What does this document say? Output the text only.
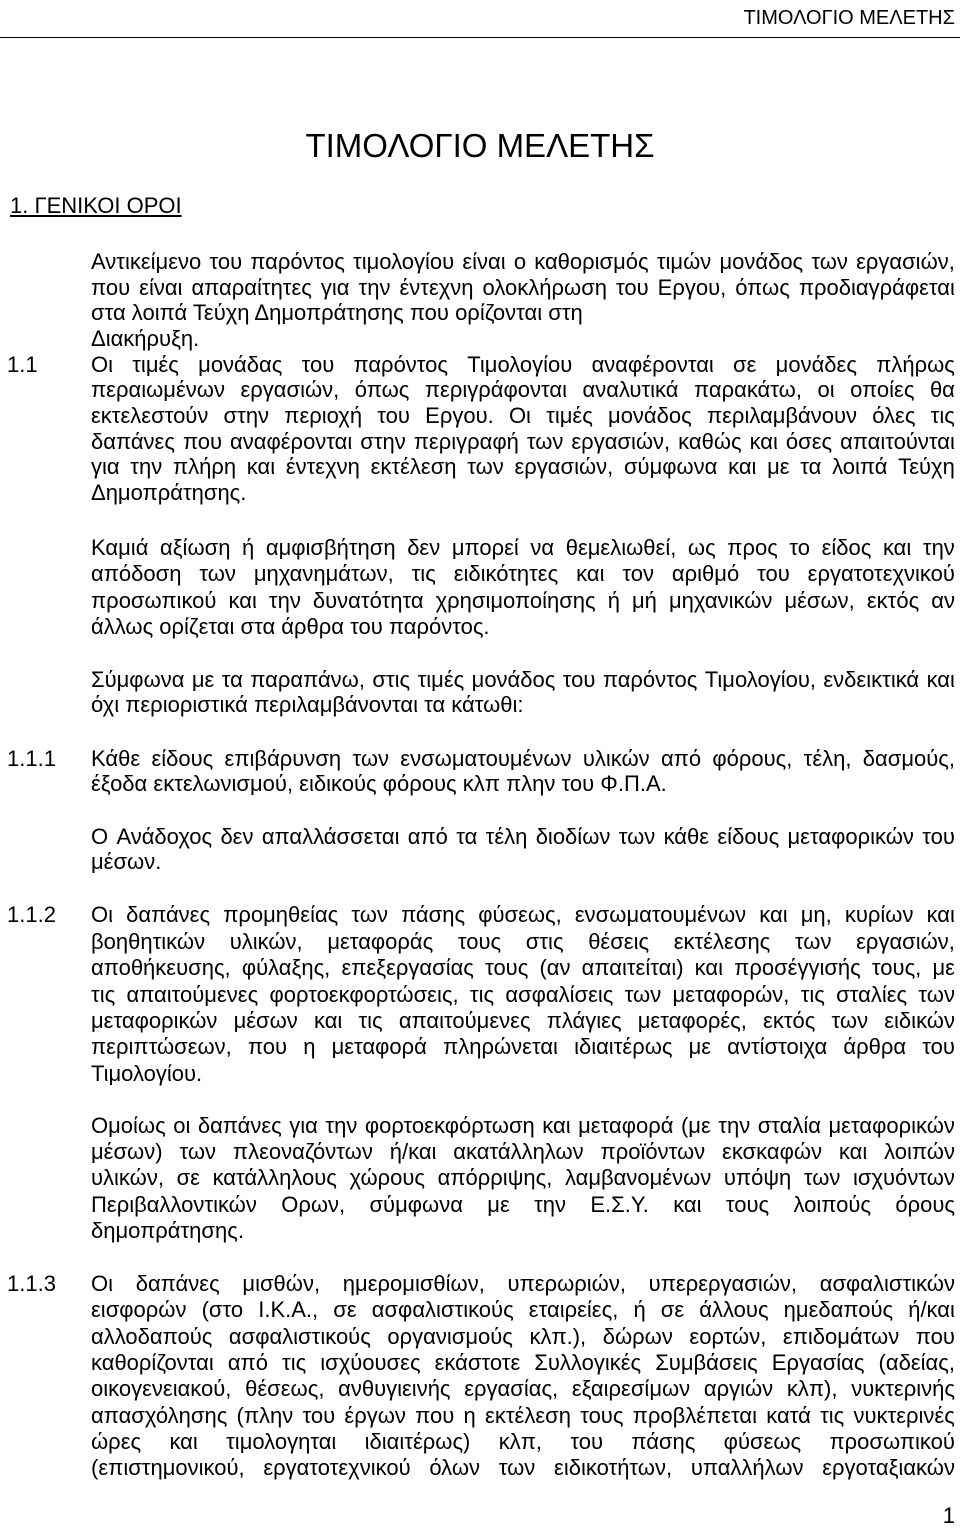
ΤΙΜΟΛΟΓΙΟ ΜΕΛΕΤΗΣ
ΤΙΜΟΛΟΓΙΟ ΜΕΛΕΤΗΣ
1. ΓΕΝΙΚΟΙ ΟΡΟΙ
Αντικείμενο του παρόντος τιμολογίου είναι ο καθορισμός τιμών μονάδος των εργασιών,
που είναι απαραίτητες για την έντεχνη ολοκλήρωση του Εργου, όπως προδιαγράφεται
στα λοιπά Τεύχη Δημοπράτησης που ορίζονται στη
Διακήρυξη.
1.1 Οι τιμές μονάδας του παρόντος Τιμολογίου αναφέρονται σε μονάδες πλήρως
περαιωμένων εργασιών, όπως περιγράφονται αναλυτικά παρακάτω, οι οποίες θα
εκτελεστούν στην περιοχή του Εργου. Οι τιμές μονάδος περιλαμβάνουν όλες τις
δαπάνες που αναφέρονται στην περιγραφή των εργασιών, καθώς και όσες απαιτούνται
για την πλήρη και έντεχνη εκτέλεση των εργασιών, σύμφωνα και με τα λοιπά Τεύχη
Δημοπράτησης.
Καμιά αξίωση ή αμφισβήτηση δεν μπορεί να θεμελιωθεί, ως προς το είδος και την
απόδοση των μηχανημάτων, τις ειδικότητες και τον αριθμό του εργατοτεχνικού
προσωπικού και την δυνατότητα χρησιμοποίησης ή μή μηχανικών μέσων, εκτός αν
άλλως ορίζεται στα άρθρα του παρόντος.
Σύμφωνα με τα παραπάνω, στις τιμές μονάδος του παρόντος Τιμολογίου, ενδεικτικά και
όχι περιοριστικά περιλαμβάνονται τα κάτωθι:
1.1.1 Κάθε είδους επιβάρυνση των ενσωματουμένων υλικών από φόρους, τέλη, δασμούς,
έξοδα εκτελωνισμού, ειδικούς φόρους κλπ πλην του Φ.Π.Α.
Ο Ανάδοχος δεν απαλλάσσεται από τα τέλη διοδίων των κάθε είδους μεταφορικών του
μέσων.
1.1.2 Οι δαπάνες προμηθείας των πάσης φύσεως, ενσωματουμένων και μη, κυρίων και
βοηθητικών υλικών, μεταφοράς τους στις θέσεις εκτέλεσης των εργασιών,
αποθήκευσης, φύλαξης, επεξεργασίας τους (αν απαιτείται) και προσέγγισής τους, με
τις απαιτούμενες φορτοεκφορτώσεις, τις ασφαλίσεις των μεταφορών, τις σταλίες των
μεταφορικών μέσων και τις απαιτούμενες πλάγιες μεταφορές, εκτός των ειδικών
περιπτώσεων, που η μεταφορά πληρώνεται ιδιαιτέρως με αντίστοιχα άρθρα του
Τιμολογίου.
Ομοίως οι δαπάνες για την φορτοεκφόρτωση και μεταφορά (με την σταλία μεταφορικών
μέσων) των πλεοναζόντων ή/και ακατάλληλων προϊόντων εκσκαφών και λοιπών
υλικών, σε κατάλληλους χώρους απόρριψης, λαμβανομένων υπόψη των ισχυόντων
Περιβαλλοντικών Ορων, σύμφωνα με την Ε.Σ.Υ. και τους λοιπούς όρους
δημοπράτησης.
1.1.3 Οι δαπάνες μισθών, ημερομισθίων, υπερωριών, υπερεργασιών, ασφαλιστικών
εισφορών (στο Ι.Κ.Α., σε ασφαλιστικούς εταιρείες, ή σε άλλους ημεδαπούς ή/και
αλλοδαπούς ασφαλιστικούς οργανισμούς κλπ.), δώρων εορτών, επιδομάτων που
καθορίζονται από τις ισχύουσες εκάστοτε Συλλογικές Συμβάσεις Εργασίας (αδείας,
οικογενειακού, θέσεως, ανθυγιεινής εργασίας, εξαιρεσίμων αργιών κλπ), νυκτερινής
απασχόλησης (πλην του έργων που η εκτέλεση τους προβλέπεται κατά τις νυκτερινές
ώρες και τιμολογηται ιδιαιτέρως) κλπ, του πάσης φύσεως προσωπικού
(επιστημονικού, εργατοτεχνικού όλων των ειδικοτήτων, υπαλλήλων εργοταξιακών
1
